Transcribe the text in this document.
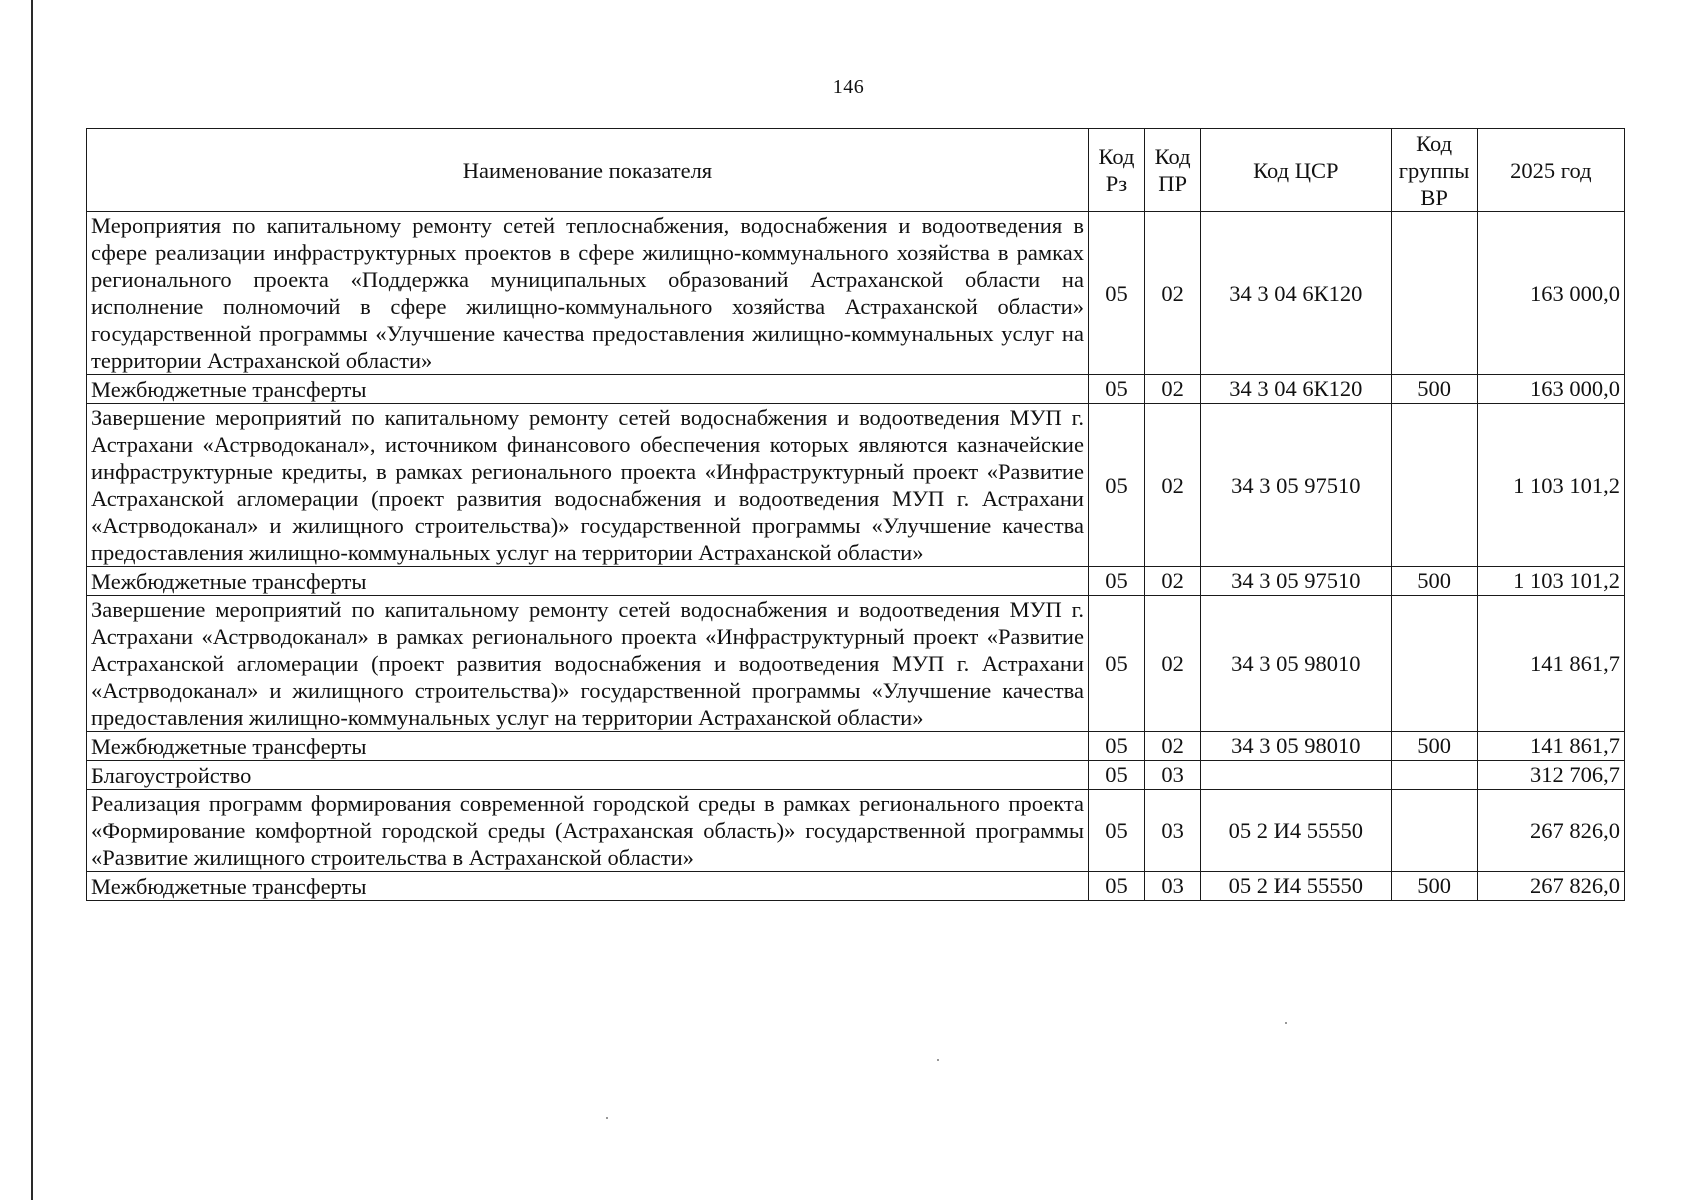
146
Наименование показателя	Код Рз	Код ПР	Код ЦСР	Код группы ВР	2025 год
Мероприятия по капитальному ремонту сетей теплоснабжения, водоснабжения и водоотведения в сфере реализации инфраструктурных проектов в сфере жилищно-коммунального хозяйства в рамках регионального проекта «Поддержка муниципальных образований Астраханской области на исполнение полномочий в сфере жилищно-коммунального хозяйства Астраханской области» государственной программы «Улучшение качества предоставления жилищно-коммунальных услуг на территории Астраханской области»	05	02	34 3 04 6К120		163 000,0
Межбюджетные трансферты	05	02	34 3 04 6К120	500	163 000,0
Завершение мероприятий по капитальному ремонту сетей водоснабжения и водоотведения МУП г. Астрахани «Астрводоканал», источником финансового обеспечения которых являются казначейские инфраструктурные кредиты, в рамках регионального проекта «Инфраструктурный проект «Развитие Астраханской агломерации (проект развития водоснабжения и водоотведения МУП г. Астрахани «Астрводоканал» и жилищного строительства)» государственной программы «Улучшение качества предоставления жилищно-коммунальных услуг на территории Астраханской области»	05	02	34 3 05 97510		1 103 101,2
Межбюджетные трансферты	05	02	34 3 05 97510	500	1 103 101,2
Завершение мероприятий по капитальному ремонту сетей водоснабжения и водоотведения МУП г. Астрахани «Астрводоканал» в рамках регионального проекта «Инфраструктурный проект «Развитие Астраханской агломерации (проект развития водоснабжения и водоотведения МУП г. Астрахани «Астрводоканал» и жилищного строительства)» государственной программы «Улучшение качества предоставления жилищно-коммунальных услуг на территории Астраханской области»	05	02	34 3 05 98010		141 861,7
Межбюджетные трансферты	05	02	34 3 05 98010	500	141 861,7
Благоустройство	05	03			312 706,7
Реализация программ формирования современной городской среды в рамках регионального проекта «Формирование комфортной городской среды (Астраханская область)» государственной программы «Развитие жилищного строительства в Астраханской области»	05	03	05 2 И4 55550		267 826,0
Межбюджетные трансферты	05	03	05 2 И4 55550	500	267 826,0
